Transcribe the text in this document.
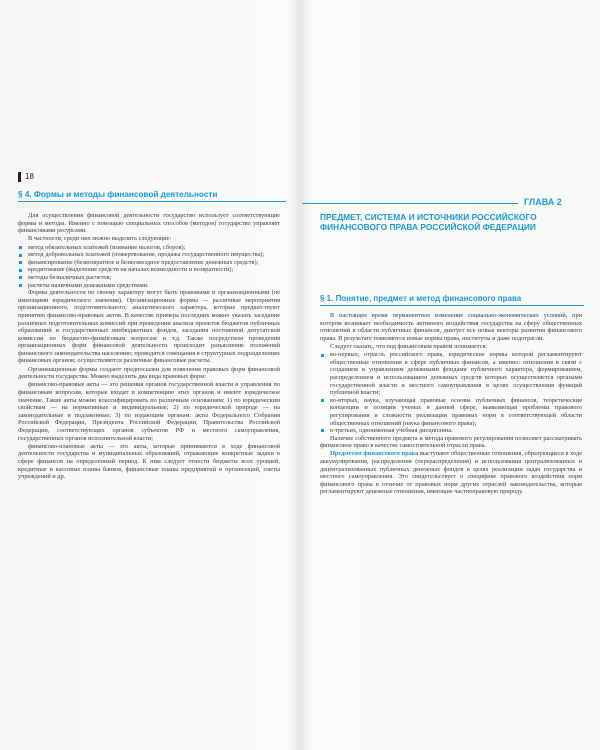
18
§ 4. Формы и методы финансовой деятельности

Для осуществления финансовой деятельности государство использует соответствующие формы и методы. Именно с помощью специальных способов (методов) государство управляет финансовыми ресурсами.

В частности, среди них можно выделить следующие:

метод обязательных платежей (взимание налогов, сборов);
метод добровольных платежей (пожертвование, продажа государственного имущества);
финансирование (безвозвратное и безвозмездное предоставление денежных средств);
кредитование (выделение средств на началах возмездности и возвратности);
методы безналичных расчетов;
расчеты наличными денежными средствами.

Формы деятельности по своему характеру могут быть правовыми и организационными (не имеющими юридического значения). Организационные формы — различные мероприятия организационного, подготовительного, аналитического характера, которые предшествуют принятию финансово-правовых актов. В качестве примера последних можно указать заседание различных подготовительных комиссий при проведении анализа проектов бюджетов публичных образований и государственных внебюджетных фондов, заседания постоянной депутатской комиссии по бюджетно-финансовым вопросам и т.д. Также посредством проведения организационных форм финансовой деятельности происходит разъяснение положений финансового законодательства населению; проводятся совещания в структурных подразделениях финансовых органов; осуществляются различные финансовые расчеты.

Организационные формы создают предпосылки для появления правовых форм финансовой деятельности государства. Можно выделить два вида правовых форм:

финансово-правовые акты — это решения органов государственной власти и управления по финансовым вопросам, которые входят в компетенцию этих органов и имеют юридическое значение. Такие акты можно классифицировать по различным основаниям: 1) по юридическим свойствам — на нормативные и индивидуальные; 2) по юридической природе — на законодательные и подзаконные; 3) по издающим органам: акты Федерального Собрания Российской Федерации, Президента Российской Федерации, Правительства Российской Федерации, соответствующих органов субъектов РФ и местного самоуправления, государственных органов исполнительной власти;

финансово-плановые акты — это акты, которые принимаются в ходе финансовой деятельности государства и муниципальных образований, отражающие конкретные задачи в сфере финансов на определенный период. К ним следует отнести бюджеты всех уровней, кредитные и кассовые планы банков, финансовые планы предприятий и организаций, сметы учреждений и др.

ГЛАВА 2
ПРЕДМЕТ, СИСТЕМА И ИСТОЧНИКИ РОССИЙСКОГО ФИНАНСОВОГО ПРАВА РОССИЙСКОЙ ФЕДЕРАЦИИ
§ 1. Понятие, предмет и метод финансового права

В настоящее время перманентное изменение социально-экономических условий, при котором возникает необходимость активного воздействия государства на сферу общественных отношений в области публичных финансов, диктует все новые векторы развития финансового права. В результате появляются новые нормы права, институты и даже подотрасли.

Следует сказать, что под финансовым правом понимается:

во-первых, отрасль российского права, юридические нормы которой регламентируют общественные отношения в сфере публичных финансов, а именно: отношения в связи с созданием и управлением денежными фондами публичного характера, формированием, распределением и использованием денежных средств которых осуществляется органами государственной власти и местного самоуправления в целях осуществления функций публичной власти;
во-вторых, наука, изучающая правовые основы публичных финансов, теоретические концепции и позиции ученых в данной сфере, выявляющая проблемы правового регулирования и сложности реализации правовых норм в соответствующей области общественных отношений (наука финансового права);
в-третьих, одноименная учебная дисциплина.

Наличие собственного предмета и метода правового регулирования позволяет рассматривать финансовое право в качестве самостоятельной отрасли права.

Предметом финансового права выступают общественные отношения, образующиеся в ходе аккумулирования, распределения (перераспределения) и использования централизованных и децентрализованных публичных денежных фондов в целях реализации задач государства и местного самоуправления. Это свидетельствует о специфике правового воздействия норм финансового права в отличие от правовых норм других отраслей законодательства, которые регламентируют денежные отношения, имеющие частноправовую природу.
